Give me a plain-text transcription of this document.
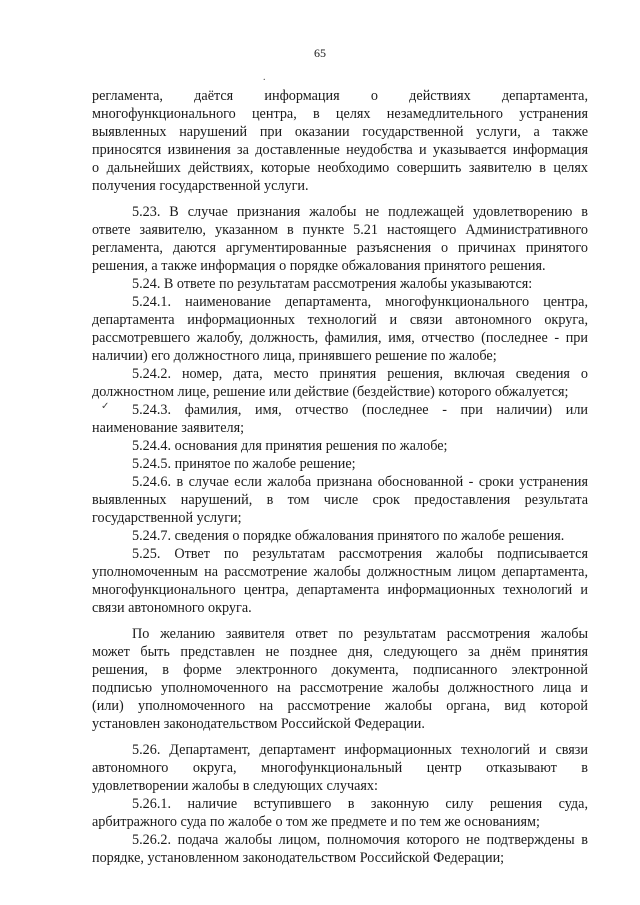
65
.
✓
регламента, даётся информация о действиях департамента,
многофункционального центра, в целях незамедлительного устранения
выявленных нарушений при оказании государственной услуги, а также
приносятся извинения за доставленные неудобства и указывается информация
о дальнейших действиях, которые необходимо совершить заявителю в целях
получения государственной услуги.
5.23. В случае признания жалобы не подлежащей удовлетворению в
ответе заявителю, указанном в пункте 5.21 настоящего Административного
регламента, даются аргументированные разъяснения о причинах принятого
решения, а также информация о порядке обжалования принятого решения.
5.24. В ответе по результатам рассмотрения жалобы указываются:
5.24.1. наименование департамента, многофункционального центра,
департамента информационных технологий и связи автономного округа,
рассмотревшего жалобу, должность, фамилия, имя, отчество (последнее - при
наличии) его должностного лица, принявшего решение по жалобе;
5.24.2. номер, дата, место принятия решения, включая сведения о
должностном лице, решение или действие (бездействие) которого обжалуется;
5.24.3. фамилия, имя, отчество (последнее - при наличии) или
наименование заявителя;
5.24.4. основания для принятия решения по жалобе;
5.24.5. принятое по жалобе решение;
5.24.6. в случае если жалоба признана обоснованной - сроки устранения
выявленных нарушений, в том числе срок предоставления результата
государственной услуги;
5.24.7. сведения о порядке обжалования принятого по жалобе решения.
5.25. Ответ по результатам рассмотрения жалобы подписывается
уполномоченным на рассмотрение жалобы должностным лицом департамента,
многофункционального центра, департамента информационных технологий и
связи автономного округа.
По желанию заявителя ответ по результатам рассмотрения жалобы
может быть представлен не позднее дня, следующего за днём принятия
решения, в форме электронного документа, подписанного электронной
подписью уполномоченного на рассмотрение жалобы должностного лица и
(или) уполномоченного на рассмотрение жалобы органа, вид которой
установлен законодательством Российской Федерации.
5.26. Департамент, департамент информационных технологий и связи
автономного округа, многофункциональный центр отказывают в
удовлетворении жалобы в следующих случаях:
5.26.1. наличие вступившего в законную силу решения суда,
арбитражного суда по жалобе о том же предмете и по тем же основаниям;
5.26.2. подача жалобы лицом, полномочия которого не подтверждены в
порядке, установленном законодательством Российской Федерации;
